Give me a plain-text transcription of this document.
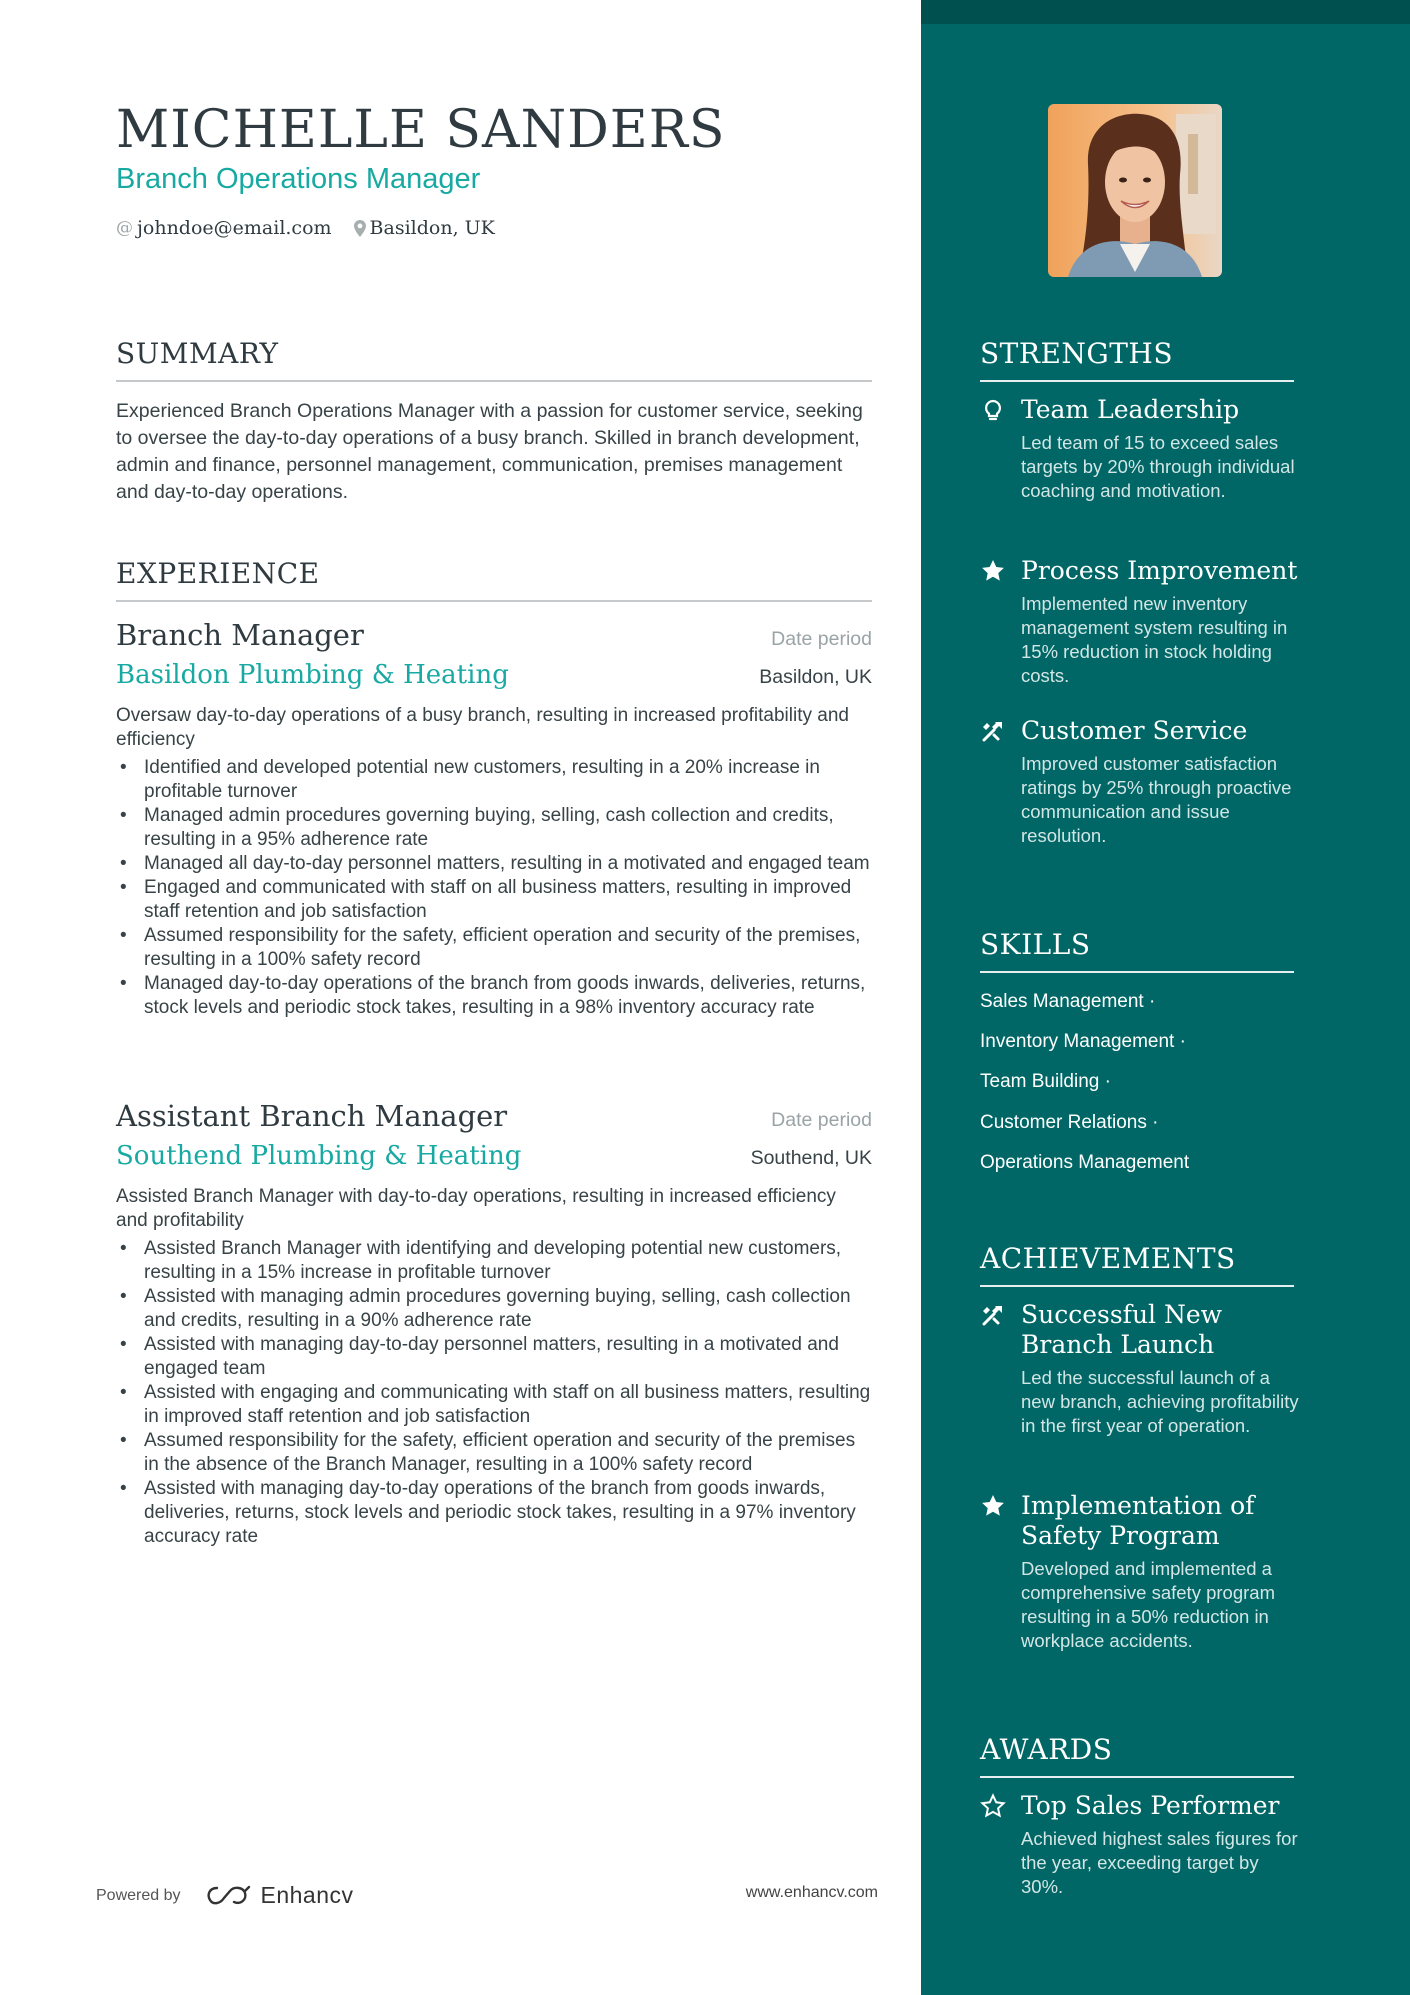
MICHELLE SANDERS
Branch Operations Manager
@ johndoe@email.com Basildon, UK
SUMMARY

Experienced Branch Operations Manager with a passion for customer service, seeking to oversee the day-to-day operations of a busy branch. Skilled in branch development, admin and finance, personnel management, communication, premises management and day-to-day operations.

EXPERIENCE
Branch Manager	Date period
Basildon Plumbing & Heating	Basildon, UK

Oversaw day-to-day operations of a busy branch, resulting in increased profitability and efficiency

• Identified and developed potential new customers, resulting in a 20% increase in profitable turnover
• Managed admin procedures governing buying, selling, cash collection and credits, resulting in a 95% adherence rate
• Managed all day-to-day personnel matters, resulting in a motivated and engaged team
• Engaged and communicated with staff on all business matters, resulting in improved staff retention and job satisfaction
• Assumed responsibility for the safety, efficient operation and security of the premises, resulting in a 100% safety record
• Managed day-to-day operations of the branch from goods inwards, deliveries, returns, stock levels and periodic stock takes, resulting in a 98% inventory accuracy rate
Assistant Branch Manager	Date period
Southend Plumbing & Heating	Southend, UK

Assisted Branch Manager with day-to-day operations, resulting in increased efficiency and profitability

• Assisted Branch Manager with identifying and developing potential new customers, resulting in a 15% increase in profitable turnover
• Assisted with managing admin procedures governing buying, selling, cash collection and credits, resulting in a 90% adherence rate
• Assisted with managing day-to-day personnel matters, resulting in a motivated and engaged team
• Assisted with engaging and communicating with staff on all business matters, resulting in improved staff retention and job satisfaction
• Assumed responsibility for the safety, efficient operation and security of the premises in the absence of the Branch Manager, resulting in a 100% safety record
• Assisted with managing day-to-day operations of the branch from goods inwards, deliveries, returns, stock levels and periodic stock takes, resulting in a 97% inventory accuracy rate
Powered by	Enhancv	www.enhancv.com
STRENGTHS
Team Leadership
Led team of 15 to exceed sales targets by 20% through individual coaching and motivation.
Process Improvement
Implemented new inventory management system resulting in 15% reduction in stock holding costs.
Customer Service
Improved customer satisfaction ratings by 25% through proactive communication and issue resolution.
SKILLS
Sales Management ·
Inventory Management ·
Team Building ·
Customer Relations ·
Operations Management
ACHIEVEMENTS
Successful New Branch Launch
Led the successful launch of a new branch, achieving profitability in the first year of operation.
Implementation of Safety Program
Developed and implemented a comprehensive safety program resulting in a 50% reduction in workplace accidents.
AWARDS
Top Sales Performer
Achieved highest sales figures for the year, exceeding target by 30%.
